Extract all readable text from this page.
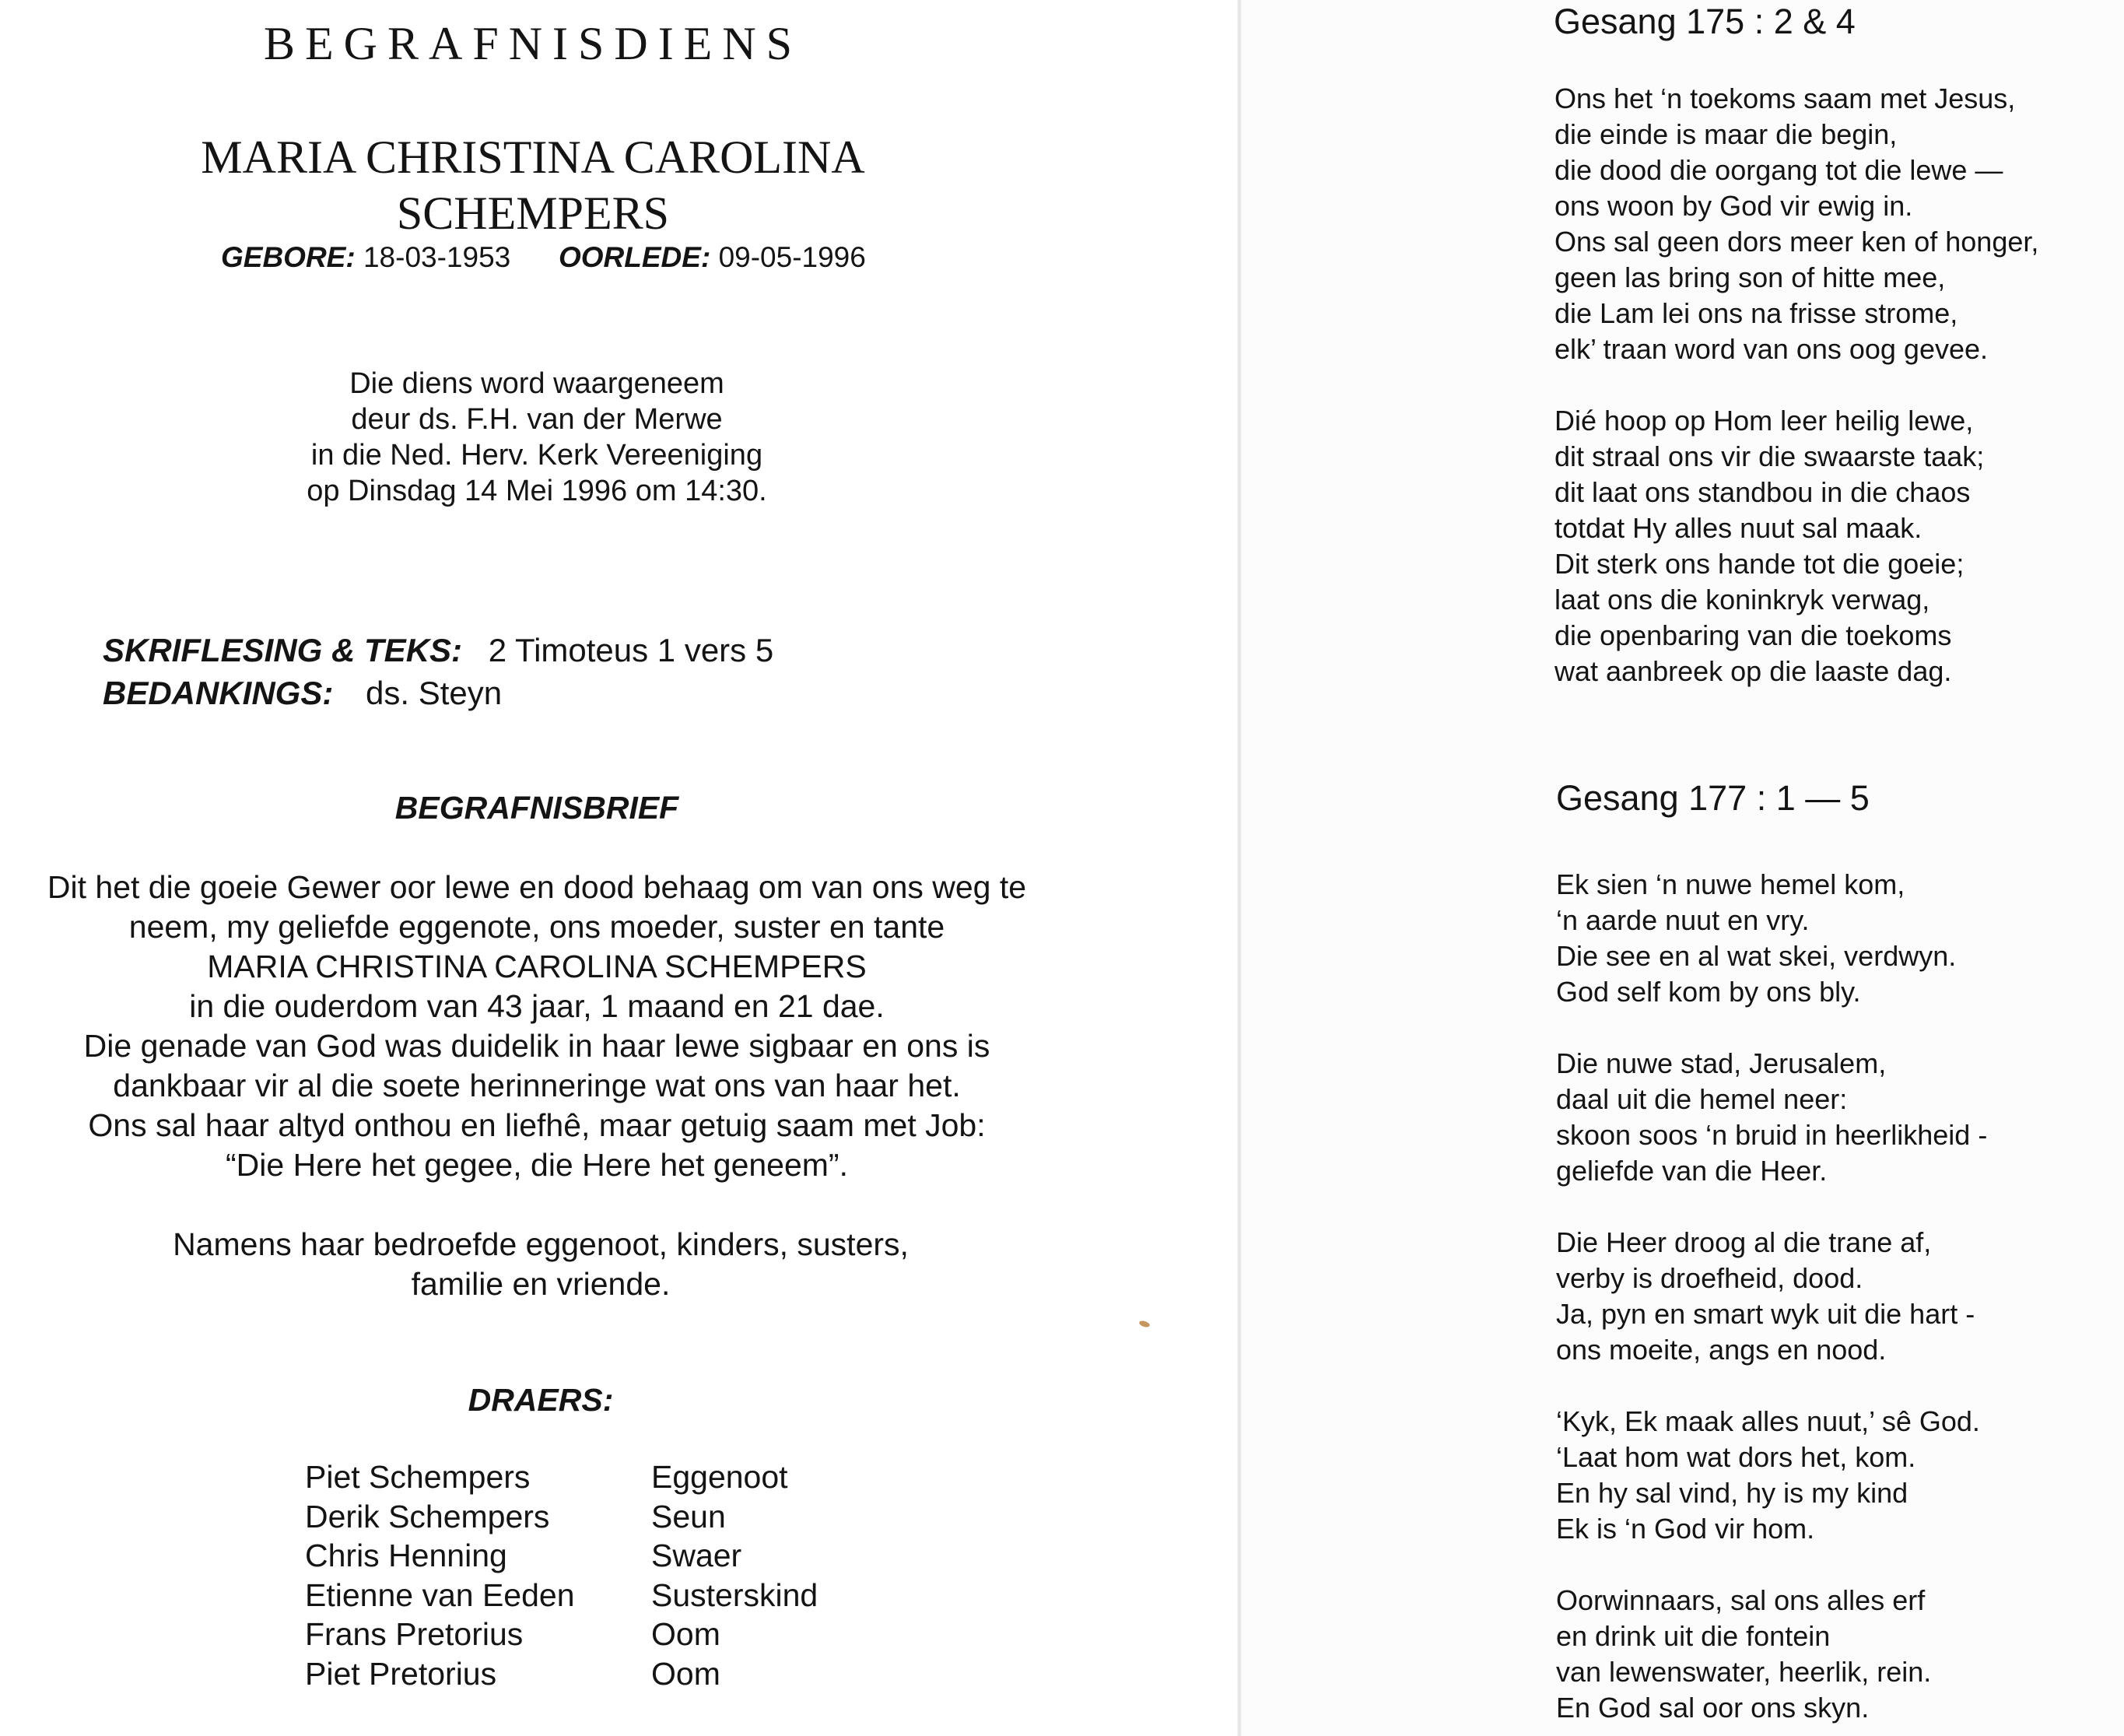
BEGRAFNISDIENS
MARIA CHRISTINA CAROLINA
SCHEMPERS
GEBORE: 18-03-1953 OORLEDE: 09-05-1996
Die diens word waargeneem
deur ds. F.H. van der Merwe
in die Ned. Herv. Kerk Vereeniging
op Dinsdag 14 Mei 1996 om 14:30.
SKRIFLESING & TEKS: 2 Timoteus 1 vers 5
BEDANKINGS: ds. Steyn
BEGRAFNISBRIEF
Dit het die goeie Gewer oor lewe en dood behaag om van ons weg te
neem, my geliefde eggenote, ons moeder, suster en tante
MARIA CHRISTINA CAROLINA SCHEMPERS
in die ouderdom van 43 jaar, 1 maand en 21 dae.
Die genade van God was duidelik in haar lewe sigbaar en ons is
dankbaar vir al die soete herinneringe wat ons van haar het.
Ons sal haar altyd onthou en liefhê, maar getuig saam met Job:
“Die Here het gegee, die Here het geneem”.
Namens haar bedroefde eggenoot, kinders, susters,
familie en vriende.
DRAERS:
Piet Schempers	Eggenoot
Derik Schempers	Seun
Chris Henning	Swaer
Etienne van Eeden	Susterskind
Frans Pretorius	Oom
Piet Pretorius	Oom
Gesang 175 : 2 & 4
Ons het ‘n toekoms saam met Jesus,
die einde is maar die begin,
die dood die oorgang tot die lewe —
ons woon by God vir ewig in.
Ons sal geen dors meer ken of honger,
geen las bring son of hitte mee,
die Lam lei ons na frisse strome,
elk’ traan word van ons oog gevee.
Dié hoop op Hom leer heilig lewe,
dit straal ons vir die swaarste taak;
dit laat ons standbou in die chaos
totdat Hy alles nuut sal maak.
Dit sterk ons hande tot die goeie;
laat ons die koninkryk verwag,
die openbaring van die toekoms
wat aanbreek op die laaste dag.
Gesang 177 : 1 — 5
Ek sien ‘n nuwe hemel kom,
‘n aarde nuut en vry.
Die see en al wat skei, verdwyn.
God self kom by ons bly.
Die nuwe stad, Jerusalem,
daal uit die hemel neer:
skoon soos ‘n bruid in heerlikheid -
geliefde van die Heer.
Die Heer droog al die trane af,
verby is droefheid, dood.
Ja, pyn en smart wyk uit die hart -
ons moeite, angs en nood.
‘Kyk, Ek maak alles nuut,’ sê God.
‘Laat hom wat dors het, kom.
En hy sal vind, hy is my kind
Ek is ‘n God vir hom.
Oorwinnaars, sal ons alles erf
en drink uit die fontein
van lewenswater, heerlik, rein.
En God sal oor ons skyn.
